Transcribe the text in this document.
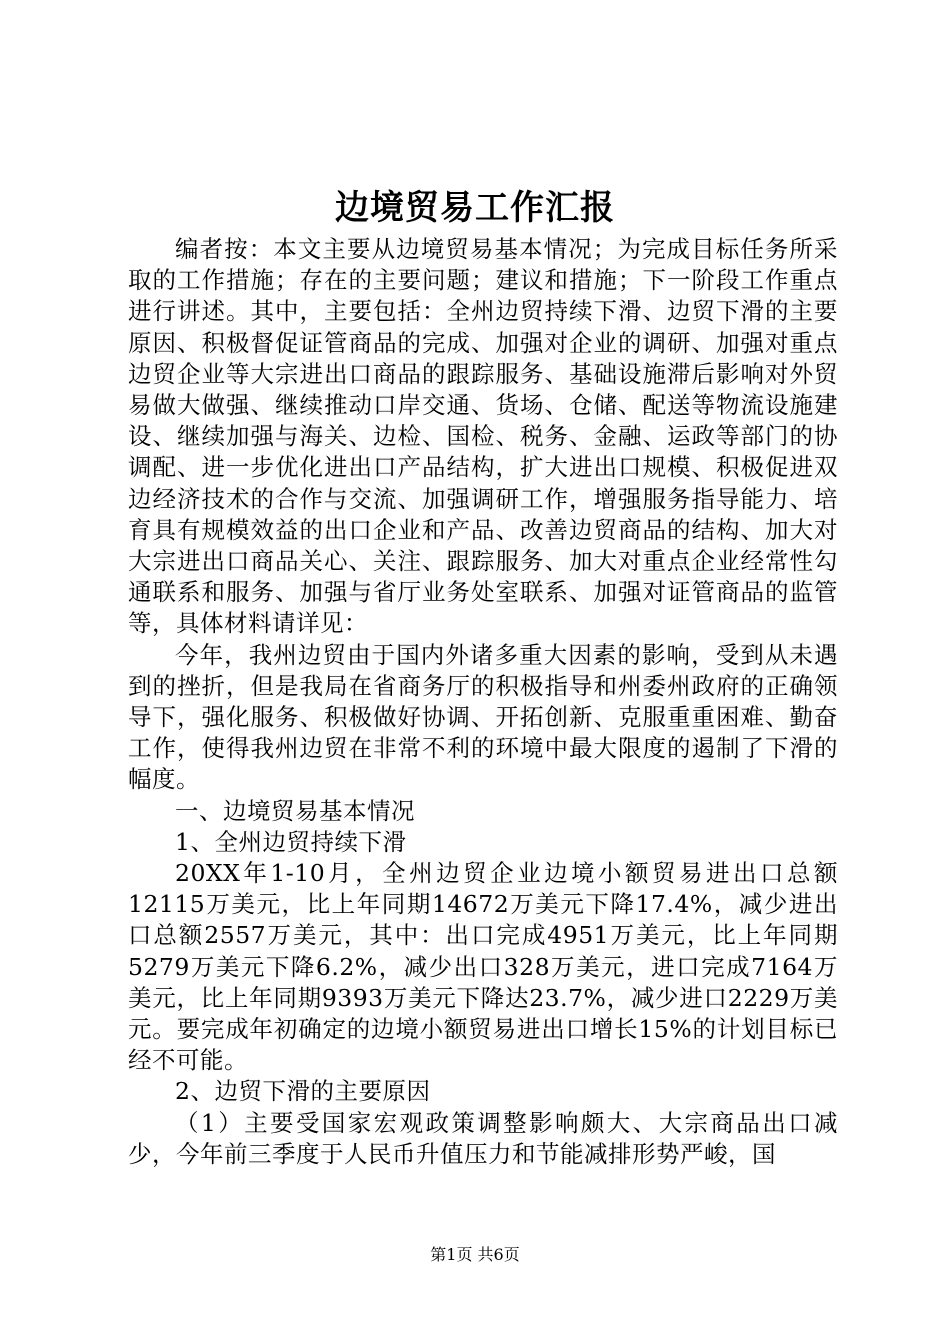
边境贸易工作汇报

编者按：本文主要从边境贸易基本情况；为完成目标任务所采取的工作措施；存在的主要问题；建议和措施；下一阶段工作重点进行讲述。其中，主要包括：全州边贸持续下滑、边贸下滑的主要原因、积极督促证管商品的完成、加强对企业的调研、加强对重点边贸企业等大宗进出口商品的跟踪服务、基础设施滞后影响对外贸易做大做强、继续推动口岸交通、货场、仓储、配送等物流设施建设、继续加强与海关、边检、国检、税务、金融、运政等部门的协调配、进一步优化进出口产品结构，扩大进出口规模、积极促进双边经济技术的合作与交流、加强调研工作，增强服务指导能力、培育具有规模效益的出口企业和产品、改善边贸商品的结构、加大对大宗进出口商品关心、关注、跟踪服务、加大对重点企业经常性勾通联系和服务、加强与省厅业务处室联系、加强对证管商品的监管等，具体材料请详见：

今年，我州边贸由于国内外诸多重大因素的影响，受到从未遇到的挫折，但是我局在省商务厅的积极指导和州委州政府的正确领导下，强化服务、积极做好协调、开拓创新、克服重重困难、勤奋工作，使得我州边贸在非常不利的环境中最大限度的遏制了下滑的幅度。

一、边境贸易基本情况

1、全州边贸持续下滑

20XX年1-10月，全州边贸企业边境小额贸易进出口总额12115万美元，比上年同期14672万美元下降17.4%，减少进出口总额2557万美元，其中：出口完成4951万美元，比上年同期5279万美元下降6.2%，减少出口328万美元，进口完成7164万美元，比上年同期9393万美元下降达23.7%，减少进口2229万美元。要完成年初确定的边境小额贸易进出口增长15%的计划目标已经不可能。

2、边贸下滑的主要原因

（1）主要受国家宏观政策调整影响颇大、大宗商品出口减少，今年前三季度于人民币升值压力和节能减排形势严峻，国

第1页 共6页
